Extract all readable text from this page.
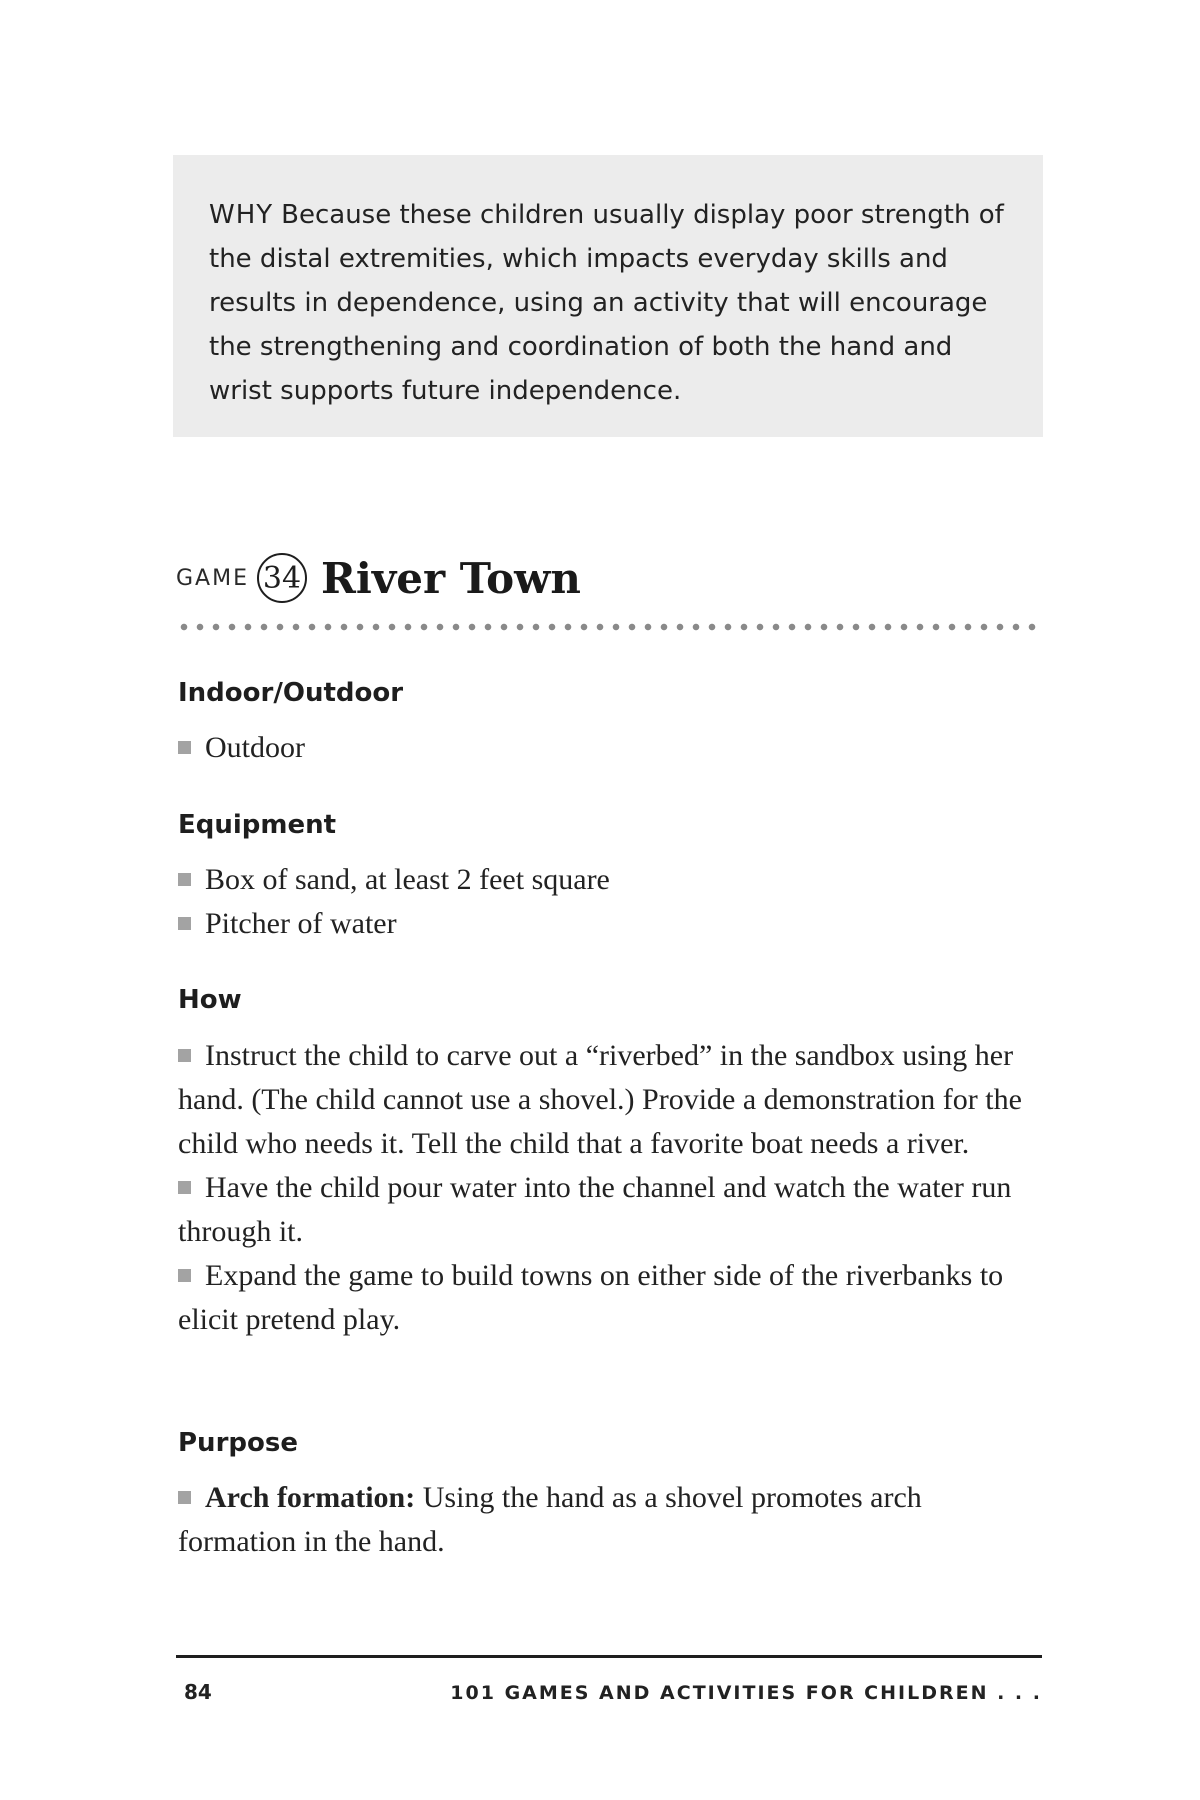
WHY Because these children usually display poor strength of the distal extremities, which impacts everyday skills and results in dependence, using an activity that will encourage the strengthening and coordination of both the hand and wrist supports future independence.

GAME 34 River Town
Indoor/Outdoor
Outdoor
Equipment
Box of sand, at least 2 feet square
Pitcher of water
How
Instruct the child to carve out a “riverbed” in the sandbox using her hand. (The child cannot use a shovel.) Provide a demonstration for the child who needs it. Tell the child that a favorite boat needs a river.
Have the child pour water into the channel and watch the water run through it.
Expand the game to build towns on either side of the riverbanks to elicit pretend play.
Purpose
Arch formation: Using the hand as a shovel promotes arch formation in the hand.
84	101 GAMES AND ACTIVITIES FOR CHILDREN . . .
